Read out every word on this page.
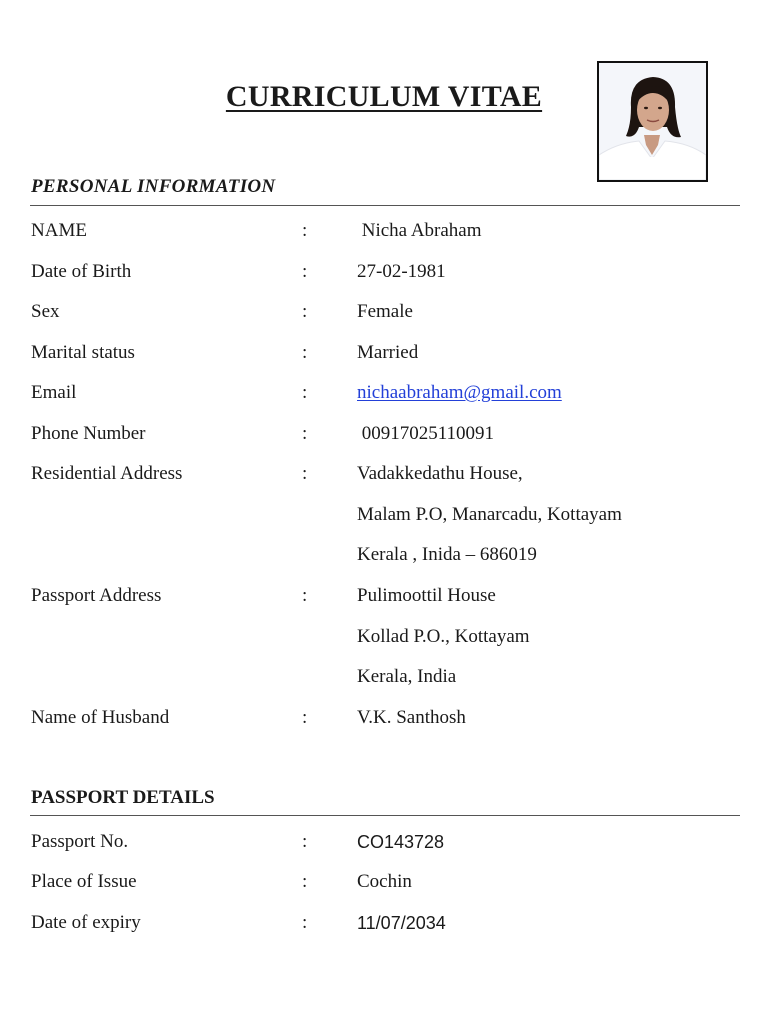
CURRICULUM VITAE
PERSONAL INFORMATION
NAME	:	Nicha Abraham
Date of Birth	:	27-02-1981
Sex	:	Female
Marital status	:	Married
Email	:	nichaabraham@gmail.com
Phone Number	:	00917025110091
Residential Address	:	Vadakkedathu House,
Malam P.O, Manarcadu, Kottayam
Kerala , Inida – 686019
Passport Address	:	Pulimoottil House
Kollad P.O., Kottayam
Kerala, India
Name of Husband	:	V.K. Santhosh
PASSPORT DETAILS
Passport No.	:	CO143728
Place of Issue	:	Cochin
Date of expiry	:	11/07/2034
